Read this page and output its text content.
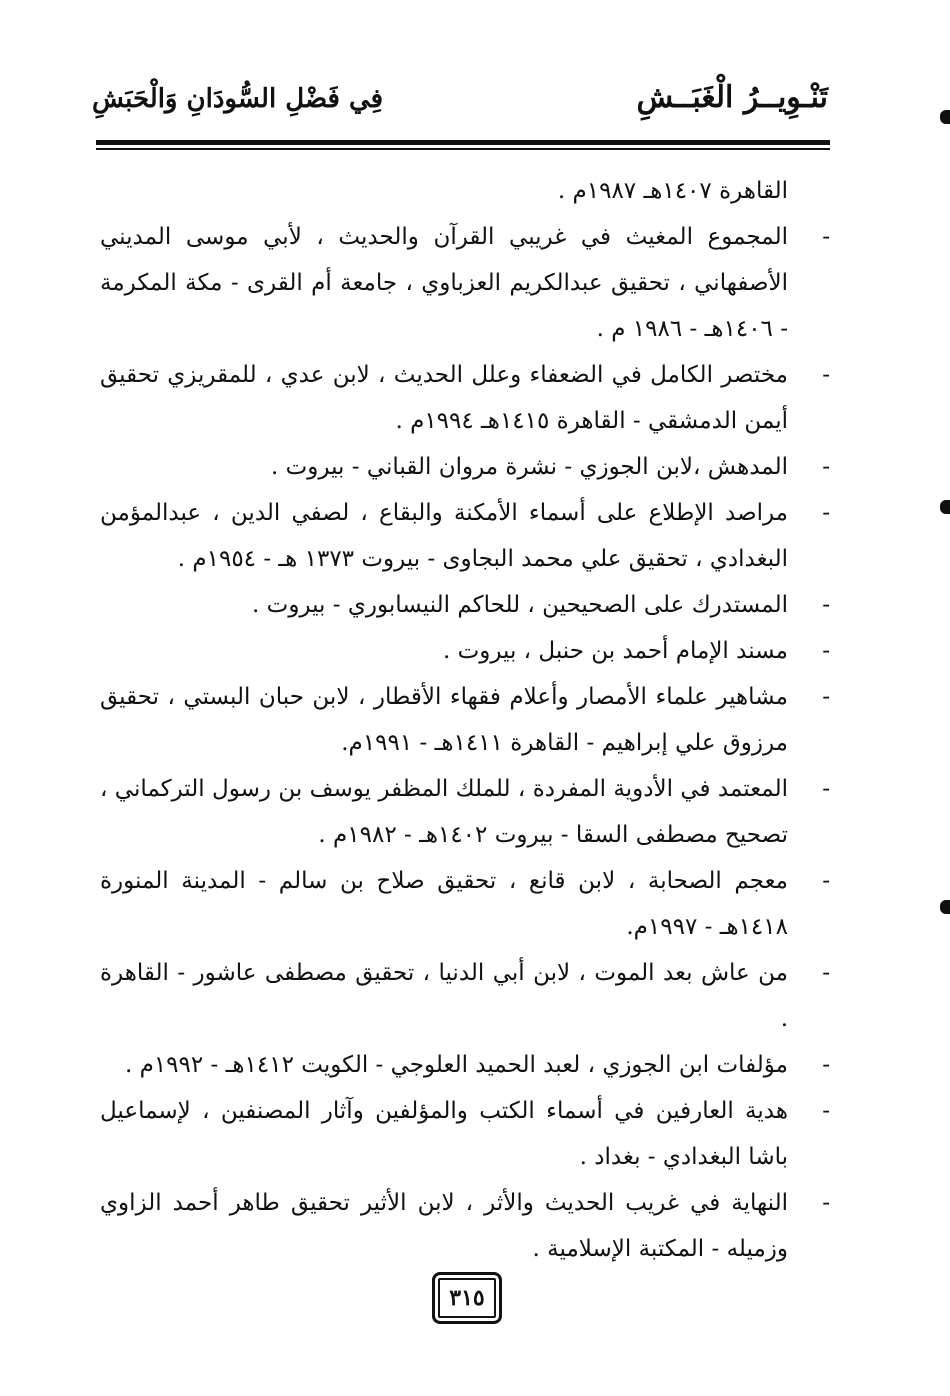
تَنْـوِيــرُ الْغَبَــشِ
فِي فَضْلِ السُّودَانِ وَالْحَبَشِ
القاهرة ١٤٠٧هـ ١٩٨٧م .
-
المجموع المغيث في غريبي القرآن والحديث ، لأبي موسى المديني الأصفهاني ، تحقيق عبدالكريم العزباوي ، جامعة أم القرى - مكة المكرمة - ١٤٠٦هـ - ١٩٨٦ م .
-
مختصر الكامل في الضعفاء وعلل الحديث ، لابن عدي ، للمقريزي تحقيق أيمن الدمشقي - القاهرة ١٤١٥هـ ١٩٩٤م .
-
المدهش ،لابن الجوزي - نشرة مروان القباني - بيروت .
-
مراصد الإطلاع على أسماء الأمكنة والبقاع ، لصفي الدين ، عبدالمؤمن البغدادي ، تحقيق علي محمد البجاوى - بيروت ١٣٧٣ هـ - ١٩٥٤م .
-
المستدرك على الصحيحين ، للحاكم النيسابوري - بيروت .
-
مسند الإمام أحمد بن حنبل ، بيروت .
-
مشاهير علماء الأمصار وأعلام فقهاء الأقطار ، لابن حبان البستي ، تحقيق مرزوق علي إبراهيم - القاهرة ١٤١١هـ - ١٩٩١م.
-
المعتمد في الأدوية المفردة ، للملك المظفر يوسف بن رسول التركماني ، تصحيح مصطفى السقا - بيروت ١٤٠٢هـ - ١٩٨٢م .
-
معجم الصحابة ، لابن قانع ، تحقيق صلاح بن سالم - المدينة المنورة ١٤١٨هـ - ١٩٩٧م.
-
من عاش بعد الموت ، لابن أبي الدنيا ، تحقيق مصطفى عاشور - القاهرة .
-
مؤلفات ابن الجوزي ، لعبد الحميد العلوجي - الكويت ١٤١٢هـ - ١٩٩٢م .
-
هدية العارفين في أسماء الكتب والمؤلفين وآثار المصنفين ، لإسماعيل باشا البغدادي - بغداد .
-
النهاية في غريب الحديث والأثر ، لابن الأثير تحقيق طاهر أحمد الزاوي وزميله - المكتبة الإسلامية .
٣١٥
